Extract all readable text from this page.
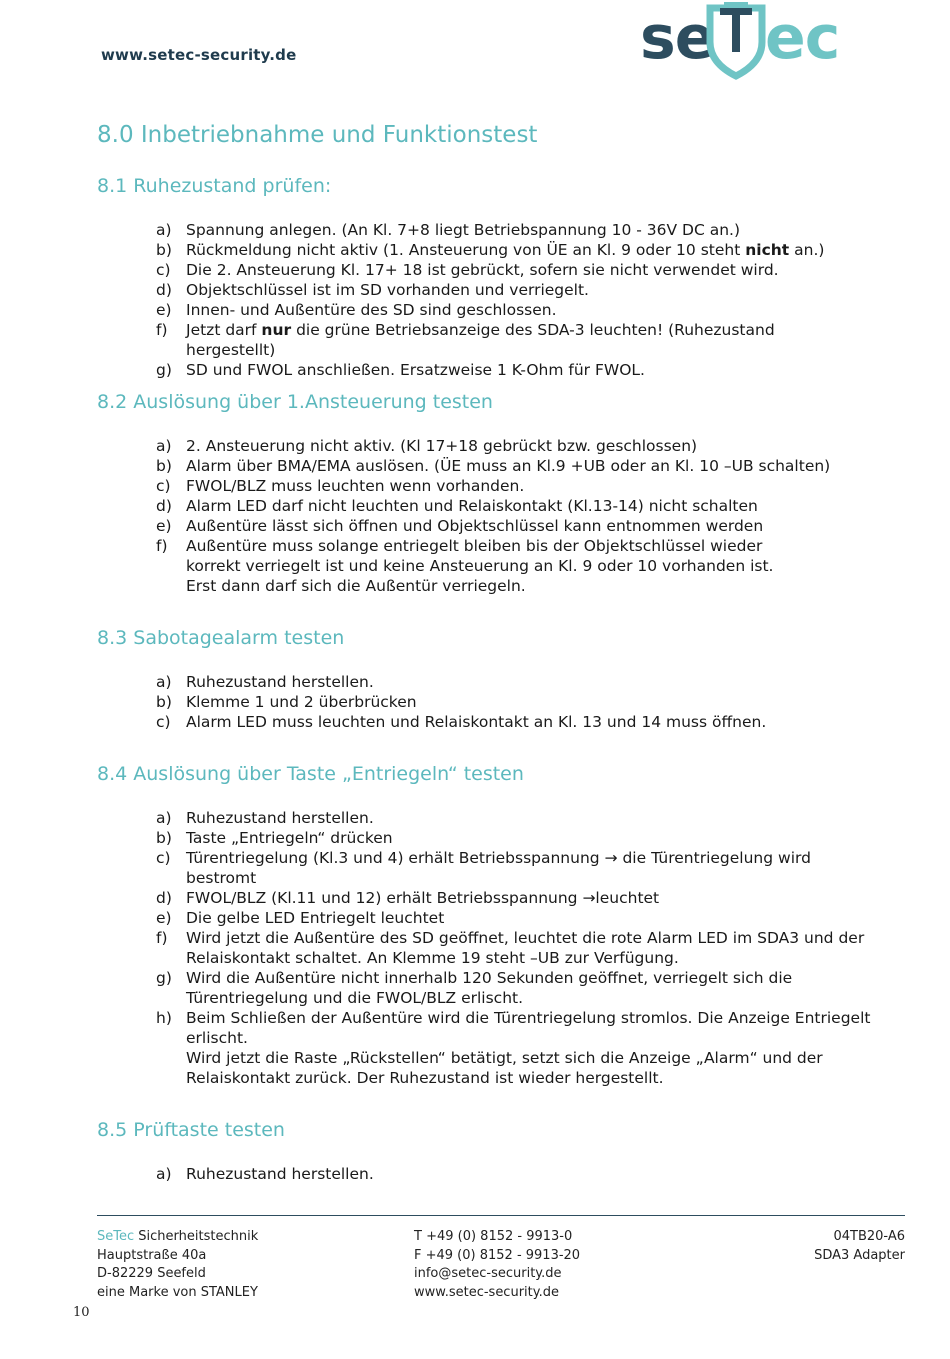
www.setec-security.de	se ec
8.0 Inbetriebnahme und Funktionstest
8.1 Ruhezustand prüfen:
a) Spannung anlegen. (An Kl. 7+8 liegt Betriebspannung 10 - 36V DC an.)
b) Rückmeldung nicht aktiv (1. Ansteuerung von ÜE an Kl. 9 oder 10 steht nicht an.)
c) Die 2. Ansteuerung Kl. 17+ 18 ist gebrückt, sofern sie nicht verwendet wird.
d) Objektschlüssel ist im SD vorhanden und verriegelt.
e) Innen- und Außentüre des SD sind geschlossen.
f) Jetzt darf nur die grüne Betriebsanzeige des SDA-3 leuchten! (Ruhezustand hergestellt)
g) SD und FWOL anschließen. Ersatzweise 1 K-Ohm für FWOL.
8.2 Auslösung über 1.Ansteuerung testen
a) 2. Ansteuerung nicht aktiv. (Kl 17+18 gebrückt bzw. geschlossen)
b) Alarm über BMA/EMA auslösen. (ÜE muss an Kl.9 +UB oder an Kl. 10 –UB schalten)
c) FWOL/BLZ muss leuchten wenn vorhanden.
d) Alarm LED darf nicht leuchten und Relaiskontakt (Kl.13-14) nicht schalten
e) Außentüre lässt sich öffnen und Objektschlüssel kann entnommen werden
f) Außentüre muss solange entriegelt bleiben bis der Objektschlüssel wieder korrekt verriegelt ist und keine Ansteuerung an Kl. 9 oder 10 vorhanden ist.
Erst dann darf sich die Außentür verriegeln.
8.3 Sabotagealarm testen
a) Ruhezustand herstellen.
b) Klemme 1 und 2 überbrücken
c) Alarm LED muss leuchten und Relaiskontakt an Kl. 13 und 14 muss öffnen.
8.4 Auslösung über Taste „Entriegeln“ testen
a) Ruhezustand herstellen.
b) Taste „Entriegeln“ drücken
c) Türentriegelung (Kl.3 und 4) erhält Betriebsspannung → die Türentriegelung wird bestromt
d) FWOL/BLZ (Kl.11 und 12) erhält Betriebsspannung →leuchtet
e) Die gelbe LED Entriegelt leuchtet
f) Wird jetzt die Außentüre des SD geöffnet, leuchtet die rote Alarm LED im SDA3 und der Relaiskontakt schaltet. An Klemme 19 steht –UB zur Verfügung.
g) Wird die Außentüre nicht innerhalb 120 Sekunden geöffnet, verriegelt sich die Türentriegelung und die FWOL/BLZ erlischt.
h) Beim Schließen der Außentüre wird die Türentriegelung stromlos. Die Anzeige Entriegelt erlischt.
Wird jetzt die Raste „Rückstellen“ betätigt, setzt sich die Anzeige „Alarm“ und der Relaiskontakt zurück. Der Ruhezustand ist wieder hergestellt.
8.5 Prüftaste testen
a) Ruhezustand herstellen.
SeTec Sicherheitstechnik
Hauptstraße 40a
D-82229 Seefeld
eine Marke von STANLEY
T +49 (0) 8152 - 9913-0
F +49 (0) 8152 - 9913-20
info@setec-security.de
www.setec-security.de
04TB20-A6
SDA3 Adapter
10
